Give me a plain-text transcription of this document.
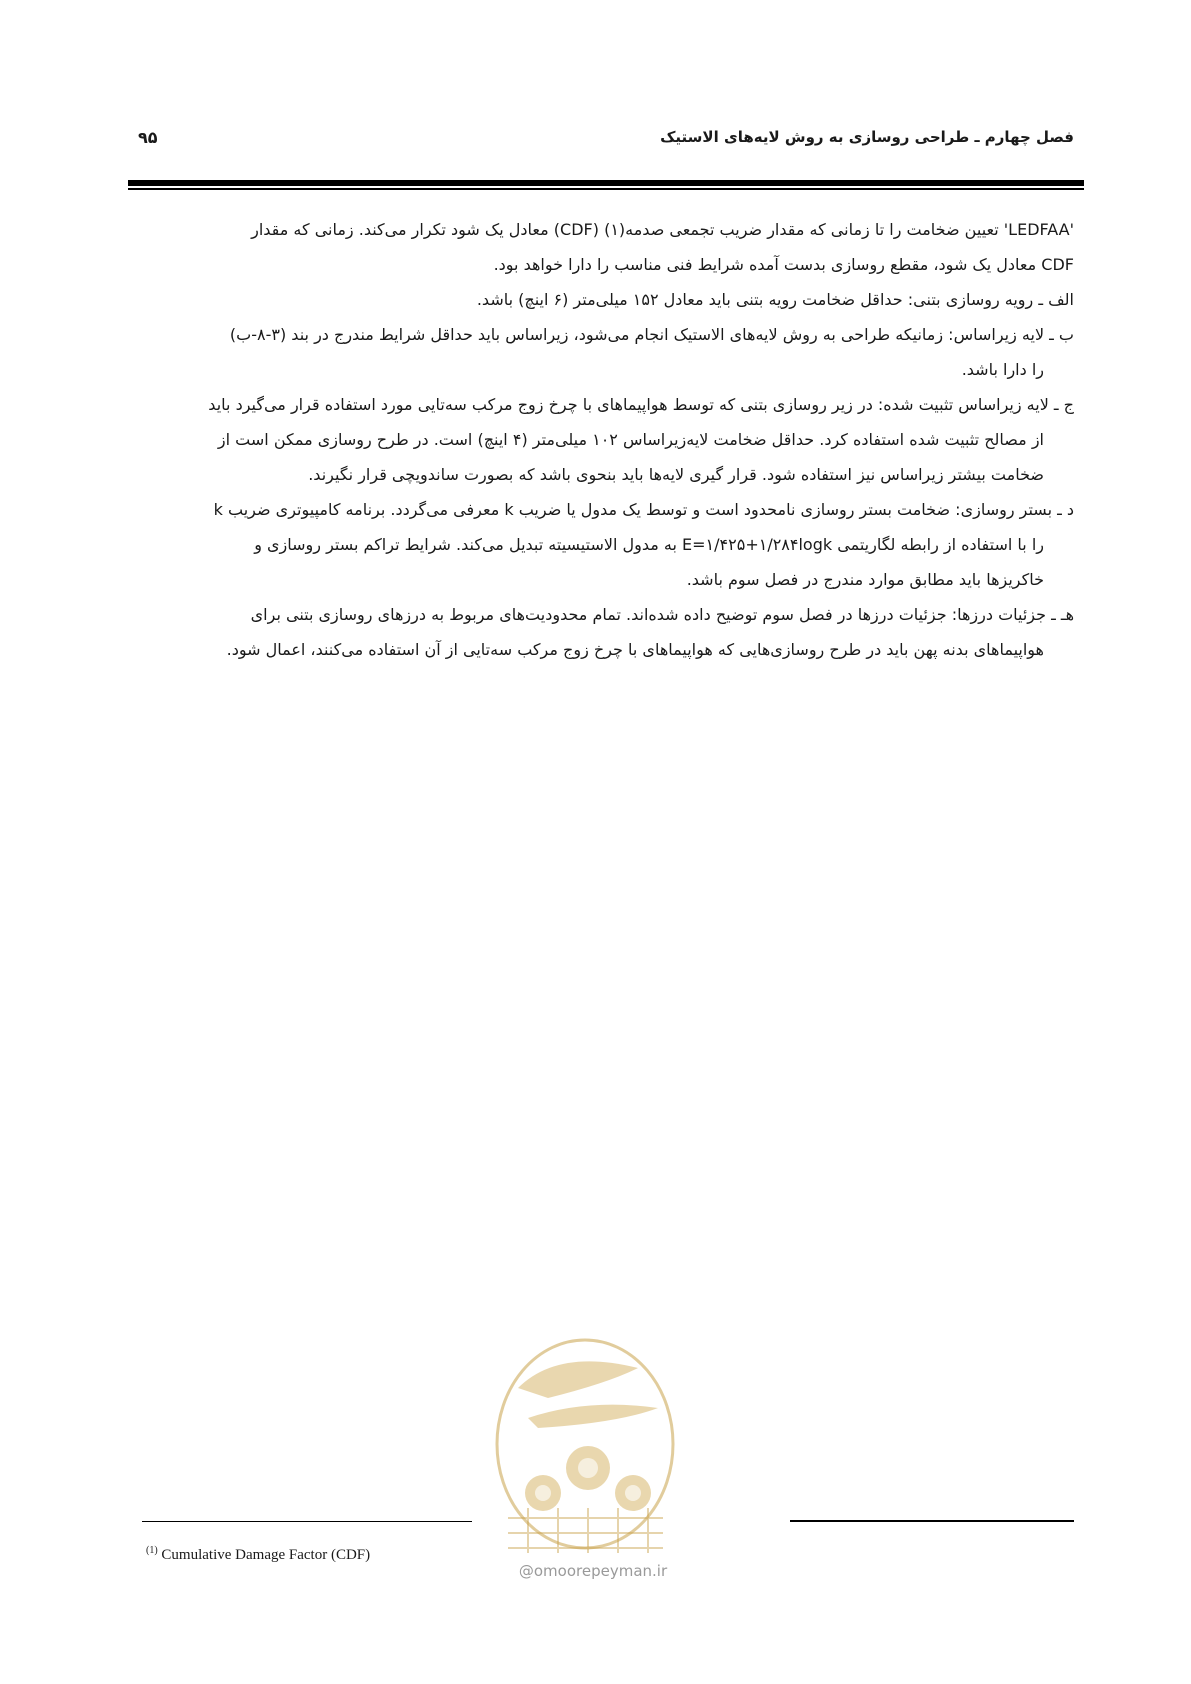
فصل چهارم ـ طراحی روسازی به روش لایه‌های الاستیک
۹۵

'LEDFAA' تعیین ضخامت را تا زمانی که مقدار ضریب تجمعی صدمه(۱) (CDF) معادل یک شود تکرار می‌کند. زمانی که مقدار
CDF معادل یک شود، مقطع روسازی بدست آمده شرایط فنی مناسب را دارا خواهد بود.

الف ـ رویه روسازی بتنی: حداقل ضخامت رویه بتنی باید معادل ۱۵۲ میلی‌متر (۶ اینچ) باشد.

ب ـ لایه زیراساس: زمانیکه طراحی به روش لایه‌های الاستیک انجام می‌شود، زیراساس باید حداقل شرایط مندرج در بند (۳-۸-ب)
را دارا باشد.

ج ـ لایه زیراساس تثبیت شده: در زیر روسازی بتنی که توسط هواپیماهای با چرخ زوج مرکب سه‌تایی مورد استفاده قرار می‌گیرد باید
از مصالح تثبیت شده استفاده کرد. حداقل ضخامت لایه‌زیراساس ۱۰۲ میلی‌متر (۴ اینچ) است. در طرح روسازی ممکن است از
ضخامت بیشتر زیراساس نیز استفاده شود. قرار گیری لایه‌ها باید بنحوی باشد که بصورت ساندویچی قرار نگیرند.

د ـ بستر روسازی: ضخامت بستر روسازی نامحدود است و توسط یک مدول یا ضریب k معرفی می‌گردد. برنامه کامپیوتری ضریب k
را با استفاده از رابطه لگاریتمی E=۱/۴۲۵+۱/۲۸۴logk به مدول الاستیسیته تبدیل می‌کند. شرایط تراکم بستر روسازی و
خاکریزها باید مطابق موارد مندرج در فصل سوم باشد.

هـ ـ جزئیات درزها: جزئیات درزها در فصل سوم توضیح داده شده‌اند. تمام محدودیت‌های مربوط به درزهای روسازی بتنی برای
هواپیماهای بدنه پهن باید در طرح روسازی‌هایی که هواپیماهای با چرخ زوج مرکب سه‌تایی از آن استفاده می‌کنند، اعمال شود.

@omoorepeyman.ir
$^{(1)}$ Cumulative Damage Factor (CDF)
